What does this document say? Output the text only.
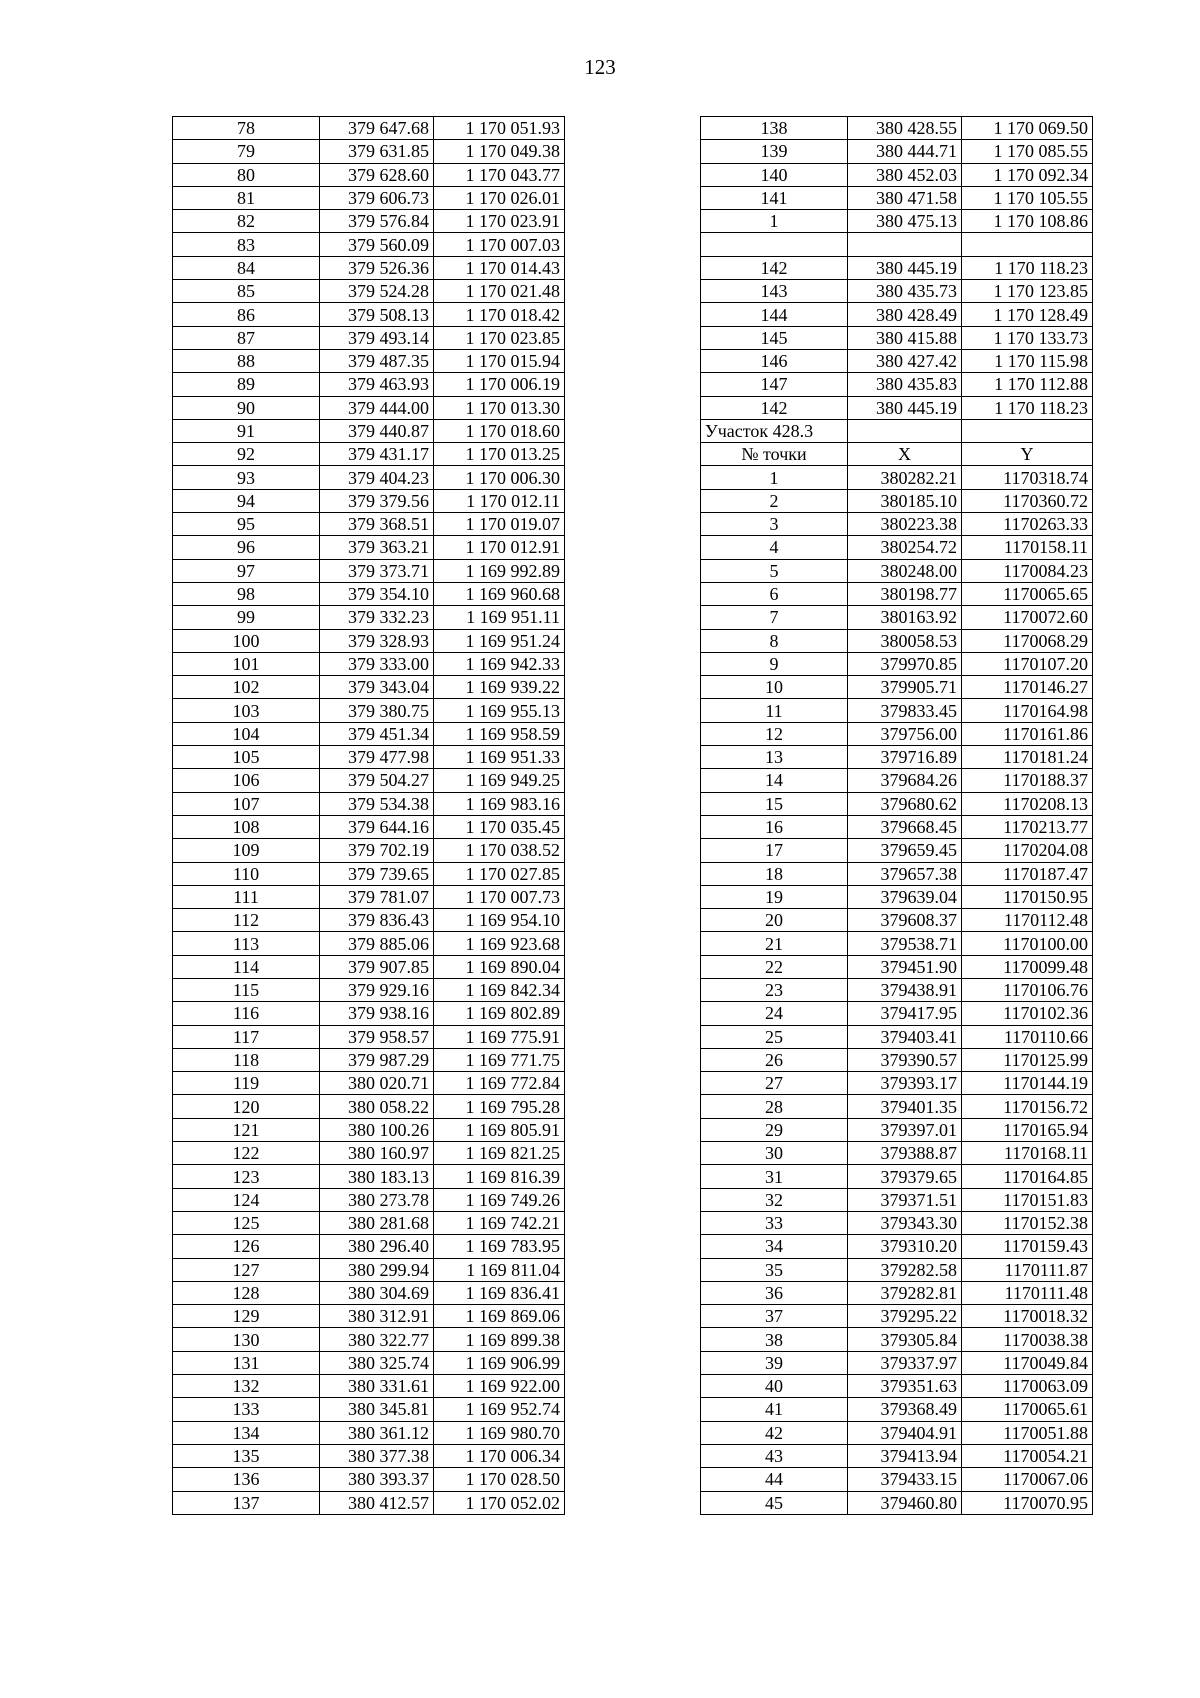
123
78	379 647.68	1 170 051.93
79	379 631.85	1 170 049.38
80	379 628.60	1 170 043.77
81	379 606.73	1 170 026.01
82	379 576.84	1 170 023.91
83	379 560.09	1 170 007.03
84	379 526.36	1 170 014.43
85	379 524.28	1 170 021.48
86	379 508.13	1 170 018.42
87	379 493.14	1 170 023.85
88	379 487.35	1 170 015.94
89	379 463.93	1 170 006.19
90	379 444.00	1 170 013.30
91	379 440.87	1 170 018.60
92	379 431.17	1 170 013.25
93	379 404.23	1 170 006.30
94	379 379.56	1 170 012.11
95	379 368.51	1 170 019.07
96	379 363.21	1 170 012.91
97	379 373.71	1 169 992.89
98	379 354.10	1 169 960.68
99	379 332.23	1 169 951.11
100	379 328.93	1 169 951.24
101	379 333.00	1 169 942.33
102	379 343.04	1 169 939.22
103	379 380.75	1 169 955.13
104	379 451.34	1 169 958.59
105	379 477.98	1 169 951.33
106	379 504.27	1 169 949.25
107	379 534.38	1 169 983.16
108	379 644.16	1 170 035.45
109	379 702.19	1 170 038.52
110	379 739.65	1 170 027.85
111	379 781.07	1 170 007.73
112	379 836.43	1 169 954.10
113	379 885.06	1 169 923.68
114	379 907.85	1 169 890.04
115	379 929.16	1 169 842.34
116	379 938.16	1 169 802.89
117	379 958.57	1 169 775.91
118	379 987.29	1 169 771.75
119	380 020.71	1 169 772.84
120	380 058.22	1 169 795.28
121	380 100.26	1 169 805.91
122	380 160.97	1 169 821.25
123	380 183.13	1 169 816.39
124	380 273.78	1 169 749.26
125	380 281.68	1 169 742.21
126	380 296.40	1 169 783.95
127	380 299.94	1 169 811.04
128	380 304.69	1 169 836.41
129	380 312.91	1 169 869.06
130	380 322.77	1 169 899.38
131	380 325.74	1 169 906.99
132	380 331.61	1 169 922.00
133	380 345.81	1 169 952.74
134	380 361.12	1 169 980.70
135	380 377.38	1 170 006.34
136	380 393.37	1 170 028.50
137	380 412.57	1 170 052.02
138	380 428.55	1 170 069.50
139	380 444.71	1 170 085.55
140	380 452.03	1 170 092.34
141	380 471.58	1 170 105.55
1	380 475.13	1 170 108.86

142	380 445.19	1 170 118.23
143	380 435.73	1 170 123.85
144	380 428.49	1 170 128.49
145	380 415.88	1 170 133.73
146	380 427.42	1 170 115.98
147	380 435.83	1 170 112.88
142	380 445.19	1 170 118.23
Участок 428.3		
№ точки	X	Y
1	380282.21	1170318.74
2	380185.10	1170360.72
3	380223.38	1170263.33
4	380254.72	1170158.11
5	380248.00	1170084.23
6	380198.77	1170065.65
7	380163.92	1170072.60
8	380058.53	1170068.29
9	379970.85	1170107.20
10	379905.71	1170146.27
11	379833.45	1170164.98
12	379756.00	1170161.86
13	379716.89	1170181.24
14	379684.26	1170188.37
15	379680.62	1170208.13
16	379668.45	1170213.77
17	379659.45	1170204.08
18	379657.38	1170187.47
19	379639.04	1170150.95
20	379608.37	1170112.48
21	379538.71	1170100.00
22	379451.90	1170099.48
23	379438.91	1170106.76
24	379417.95	1170102.36
25	379403.41	1170110.66
26	379390.57	1170125.99
27	379393.17	1170144.19
28	379401.35	1170156.72
29	379397.01	1170165.94
30	379388.87	1170168.11
31	379379.65	1170164.85
32	379371.51	1170151.83
33	379343.30	1170152.38
34	379310.20	1170159.43
35	379282.58	1170111.87
36	379282.81	1170111.48
37	379295.22	1170018.32
38	379305.84	1170038.38
39	379337.97	1170049.84
40	379351.63	1170063.09
41	379368.49	1170065.61
42	379404.91	1170051.88
43	379413.94	1170054.21
44	379433.15	1170067.06
45	379460.80	1170070.95
